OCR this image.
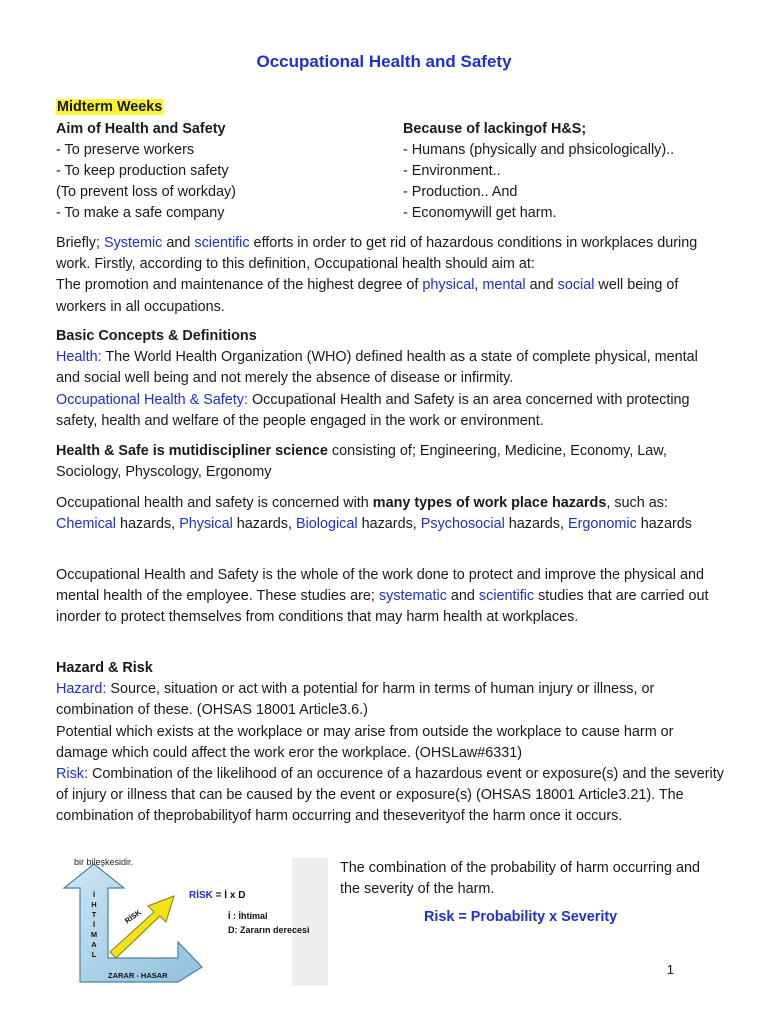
Occupational Health and Safety
Midterm Weeks
Aim of Health and Safety
- To preserve workers
- To keep production safety
(To prevent loss of workday)
- To make a safe company
Because of lackingof H&S;
- Humans (physically and phsicologically)..
- Environment..
- Production.. And
- Economywill get harm.
Briefly; Systemic and scientific efforts in order to get rid of hazardous conditions in workplaces during work. Firstly, according to this definition, Occupational health should aim at:
The promotion and maintenance of the highest degree of physical, mental and social well being of workers in all occupations.
Basic Concepts & Definitions
Health: The World Health Organization (WHO) defined health as a state of complete physical, mental and social well being and not merely the absence of disease or infirmity.
Occupational Health & Safety: Occupational Health and Safety is an area concerned with protecting safety, health and welfare of the people engaged in the work or environment.
Health & Safe is mutidiscipliner science consisting of; Engineering, Medicine, Economy, Law, Sociology, Physcology, Ergonomy
Occupational health and safety is concerned with many types of work place hazards, such as: Chemical hazards, Physical hazards, Biological hazards, Psychosocial hazards, Ergonomic hazards
Occupational Health and Safety is the whole of the work done to protect and improve the physical and mental health of the employee. These studies are; systematic and scientific studies that are carried out inorder to protect themselves from conditions that may harm health at workplaces.
Hazard & Risk
Hazard: Source, situation or act with a potential for harm in terms of human injury or illness, or combination of these. (OHSAS 18001 Article3.6.)
Potential which exists at the workplace or may arise from outside the workplace to cause harm or damage which could affect the work eror the workplace. (OHSLaw#6331)
Risk: Combination of the likelihood of an occurence of a hazardous event or exposure(s) and the severity of injury or illness that can be caused by the event or exposure(s) (OHSAS 18001 Article3.21). The combination of theprobabilityof harm occurring and theseverityof the harm once it occurs.
bir bileşkesidir.
İ
H
T
İ
M
A
L
RİSK
ZARAR - HASAR
RİSK = İ x D
İ : İhtimal
D: Zararın derecesi
The combination of the probability of harm occurring and the severity of the harm.
Risk = Probability x Severity
1
